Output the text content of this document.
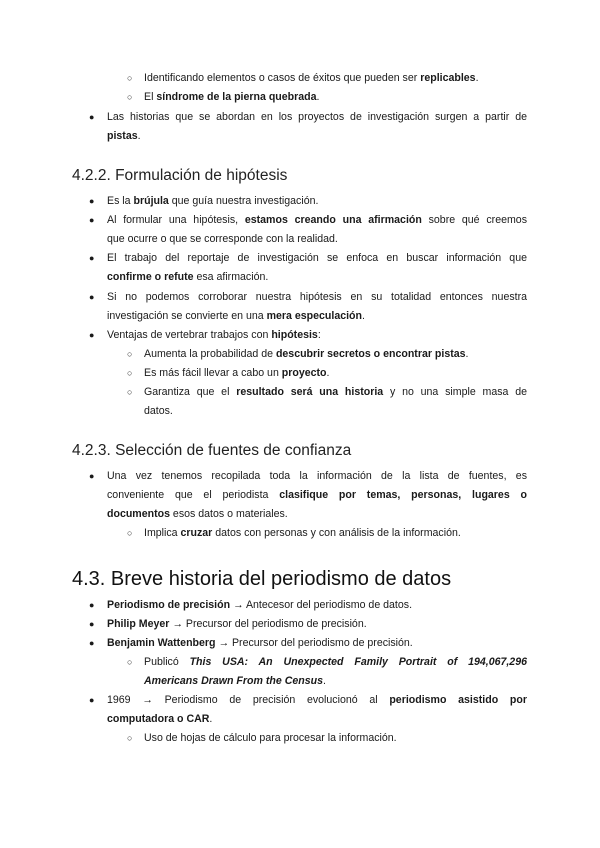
○ Identificando elementos o casos de éxitos que pueden ser replicables.
○ El síndrome de la pierna quebrada.
● Las historias que se abordan en los proyectos de investigación surgen a partir de
pistas.
4.2.2. Formulación de hipótesis
● Es la brújula que guía nuestra investigación.
● Al formular una hipótesis, estamos creando una afirmación sobre qué creemos
que ocurre o que se corresponde con la realidad.
● El trabajo del reportaje de investigación se enfoca en buscar información que
confirme o refute esa afirmación.
● Si no podemos corroborar nuestra hipótesis en su totalidad entonces nuestra
investigación se convierte en una mera especulación.
● Ventajas de vertebrar trabajos con hipótesis:
○ Aumenta la probabilidad de descubrir secretos o encontrar pistas.
○ Es más fácil llevar a cabo un proyecto.
○ Garantiza que el resultado será una historia y no una simple masa de
datos.
4.2.3. Selección de fuentes de confianza
● Una vez tenemos recopilada toda la información de la lista de fuentes, es
conveniente que el periodista clasifique por temas, personas, lugares o
documentos esos datos o materiales.
○ Implica cruzar datos con personas y con análisis de la información.
4.3. Breve historia del periodismo de datos
● Periodismo de precisión → Antecesor del periodismo de datos.
● Philip Meyer → Precursor del periodismo de precisión.
● Benjamin Wattenberg → Precursor del periodismo de precisión.
○ Publicó This USA: An Unexpected Family Portrait of 194,067,296
Americans Drawn From the Census.
● 1969 → Periodismo de precisión evolucionó al periodismo asistido por
computadora o CAR.
○ Uso de hojas de cálculo para procesar la información.
